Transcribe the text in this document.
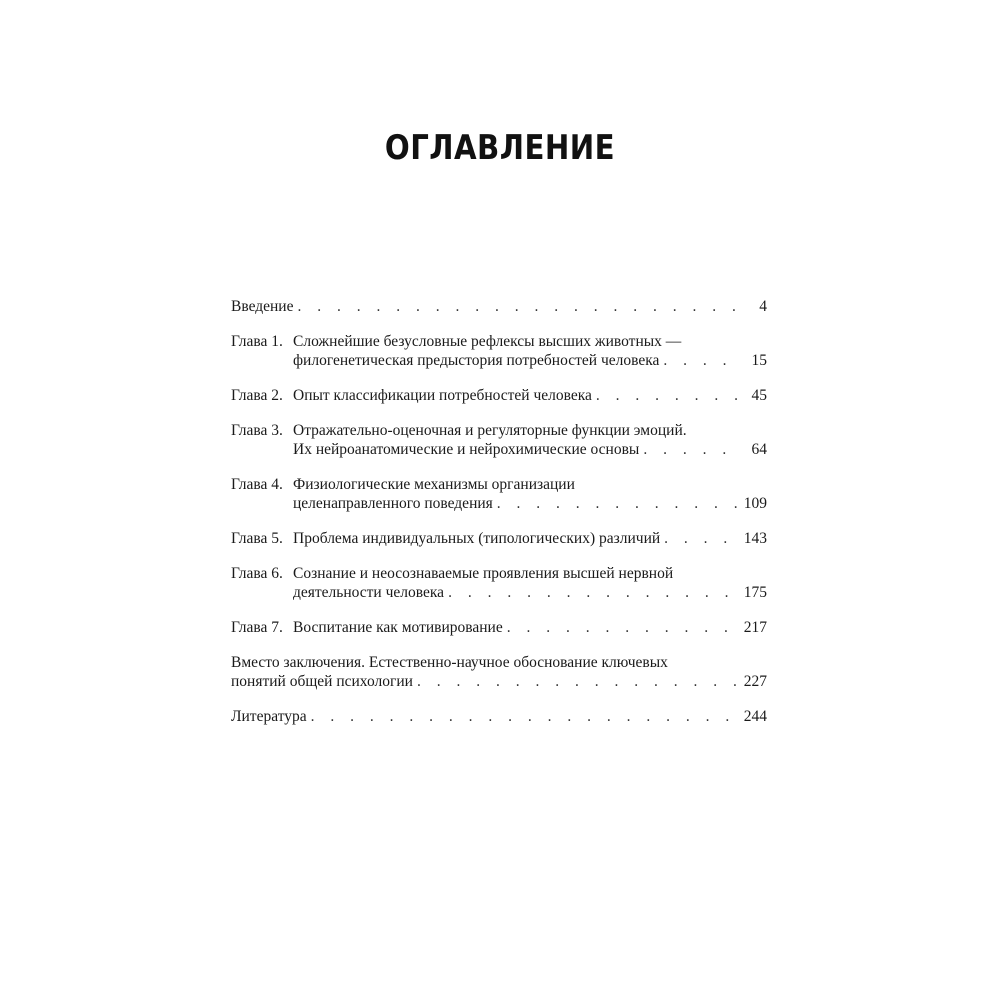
ОГЛАВЛЕНИЕ
Введение . . .	4
Глава 1. Сложнейшие безусловные рефлексы высших животных —
филогенетическая предыстория потребностей человека . . .	15
Глава 2. Опыт классификации потребностей человека . . .	45
Глава 3. Отражательно-оценочная и регуляторные функции эмоций.
Их нейроанатомические и нейрохимические основы . . .	64
Глава 4. Физиологические механизмы организации
целенаправленного поведения . . .	109
Глава 5. Проблема индивидуальных (типологических) различий . . .	143
Глава 6. Сознание и неосознаваемые проявления высшей нервной
деятельности человека . . .	175
Глава 7. Воспитание как мотивирование . . .	217
Вместо заключения. Естественно-научное обоснование ключевых
понятий общей психологии . . .	227
Литература . . .	244
